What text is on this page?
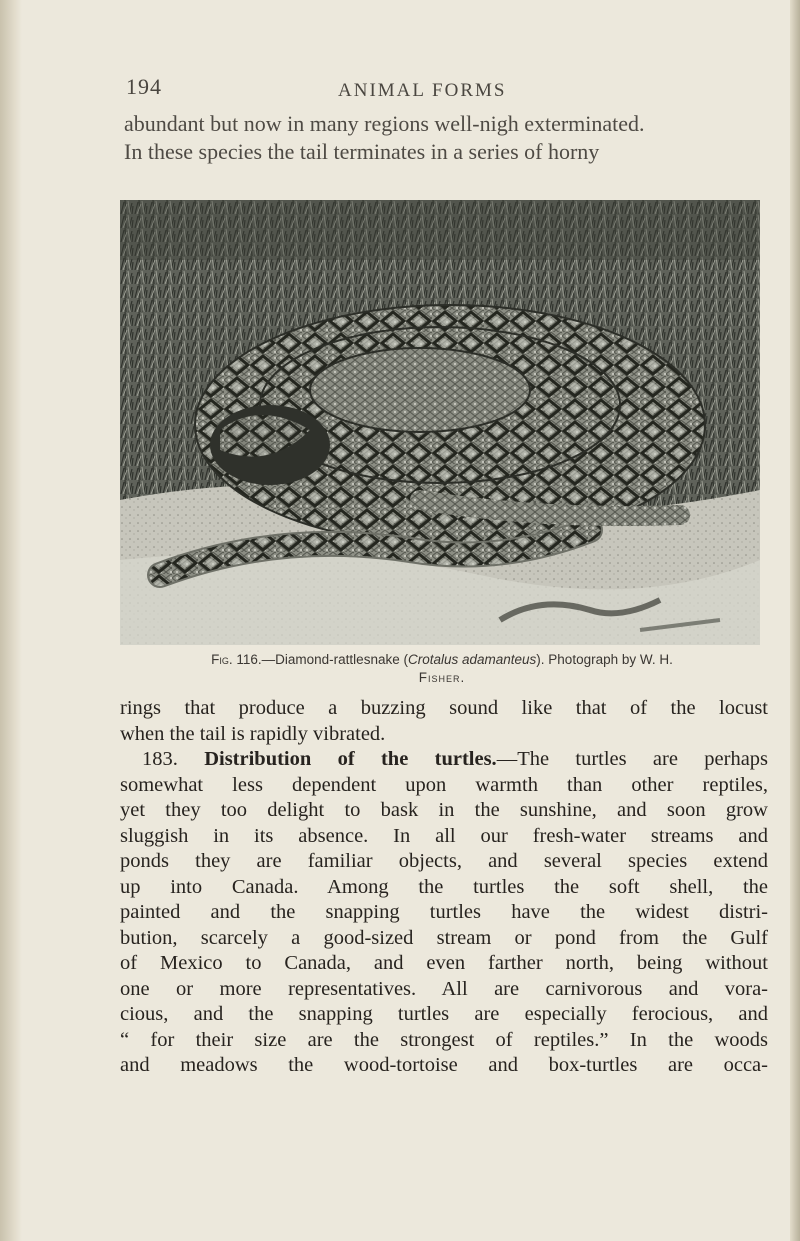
194	ANIMAL FORMS

abundant but now in many regions well-nigh exterminated.

In these species the tail terminates in a series of horny

Fig. 116.—Diamond-rattlesnake (Crotalus adamanteus). Photograph by W. H.
Fisher.
rings that produce a buzzing sound like that of the locust
when the tail is rapidly vibrated.
183. Distribution of the turtles.—The turtles are perhaps
somewhat less dependent upon warmth than other reptiles,
yet they too delight to bask in the sunshine, and soon grow
sluggish in its absence. In all our fresh-water streams and
ponds they are familiar objects, and several species extend
up into Canada. Among the turtles the soft shell, the
painted and the snapping turtles have the widest distri-
bution, scarcely a good-sized stream or pond from the Gulf
of Mexico to Canada, and even farther north, being without
one or more representatives. All are carnivorous and vora-
cious, and the snapping turtles are especially ferocious, and
“ for their size are the strongest of reptiles.” In the woods
and meadows the wood-tortoise and box-turtles are occa-
